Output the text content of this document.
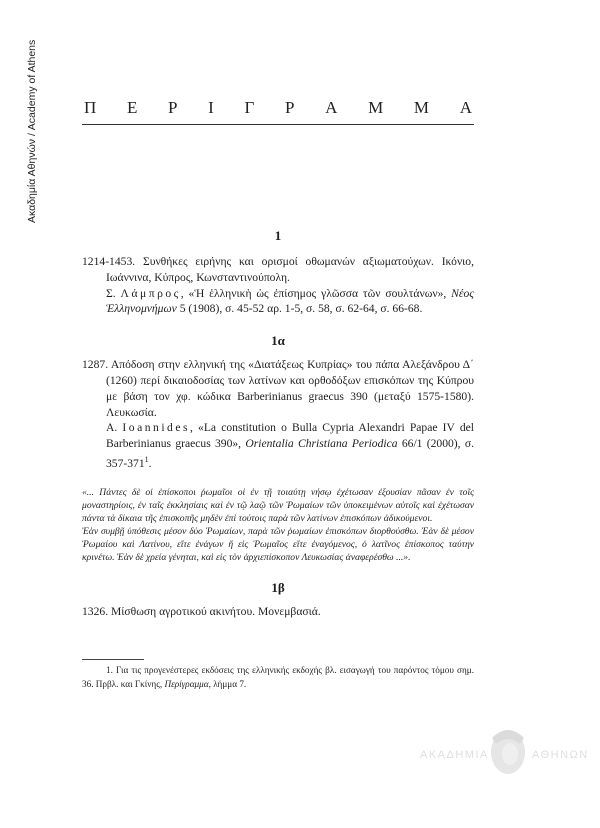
Ακαδημία Αθηνών / Academy of Athens	Π Ε Ρ Ι Γ Ρ Α Μ Μ Α

1

1214-1453. Συνθήκες ειρήνης και ορισμοί οθωμανών αξιωματούχων. Ικόνιο, Ιωάννινα, Κύπρος, Κωνσταντινούπολη.

Σ. Λάμπρος, «Ἡ ἑλληνικὴ ὡς ἐπίσημος γλῶσσα τῶν σουλτάνων», Νέος Ἑλληνομνήμων 5 (1908), σ. 45-52 αρ. 1-5, σ. 58, σ. 62-64, σ. 66-68.

1α

1287. Απόδοση στην ελληνική της «Διατάξεως Κυπρίας» του πάπα Αλεξάνδρου Δ΄ (1260) περί δικαιοδοσίας των λατίνων και ορθοδόξων επισκόπων της Κύπρου με βάση τον χφ. κώδικα Barberinianus graecus 390 (μεταξύ 1575-1580). Λευκωσία.

A. Ioannides, «La constitution o Bulla Cypria Alexandri Papae IV del Barberinianus graecus 390», Orientalia Christiana Periodica 66/1 (2000), σ. $357-371^1$.

«... Πάντες δὲ οἱ ἐπίσκοποι ῥωμαῖοι οἱ ἐν τῇ τοιαύτῃ νήσῳ ἐχέτωσαν ἐξουσίαν πᾶσαν ἐν τοῖς μοναστηρίοις, ἐν ταῖς ἐκκλησίαις καὶ ἐν τῷ λαῷ τῶν Ῥωμαίων τῶν ὑποκειμένων αὐτοῖς καὶ ἐχέτωσαν πάντα τὰ δίκαια τῆς ἐπισκοπῆς μηδὲν ἐπὶ τούτοις παρὰ τῶν λατίνων ἐπισκόπων ἀδικούμενοι.

Ἐὰν συμβῇ ὑπόθεσις μέσον δύο Ῥωμαίων, παρὰ τῶν ῥωμαίων ἐπισκόπων διορθούσθω. Ἐὰν δὲ μέσον Ῥωμαίου καὶ Λατίνου, εἴτε ἐνάγων ἤ εἰς Ῥωμαῖος εἴτε ἐναγόμενος, ὁ λατῖνος ἐπίσκοπος ταύτην κρινέτω. Ἐὰν δὲ χρεία γένηται, καὶ εἰς τὸν ἀρχιεπίσκοπον Λευκωσίας ἀναφερέσθω ...».

1β

1326. Μίσθωση αγροτικού ακινήτου. Μονεμβασιά.

1. Για τις προγενέστερες εκδόσεις της ελληνικής εκδοχής βλ. εισαγωγή του παρόντος τόμου σημ. 36. Πρβλ. και Γκίνης, Περίγραμμα, λήμμα 7.

ΑΚΑΔΗΜΙΑ	ΑΘΗΝΩΝ
